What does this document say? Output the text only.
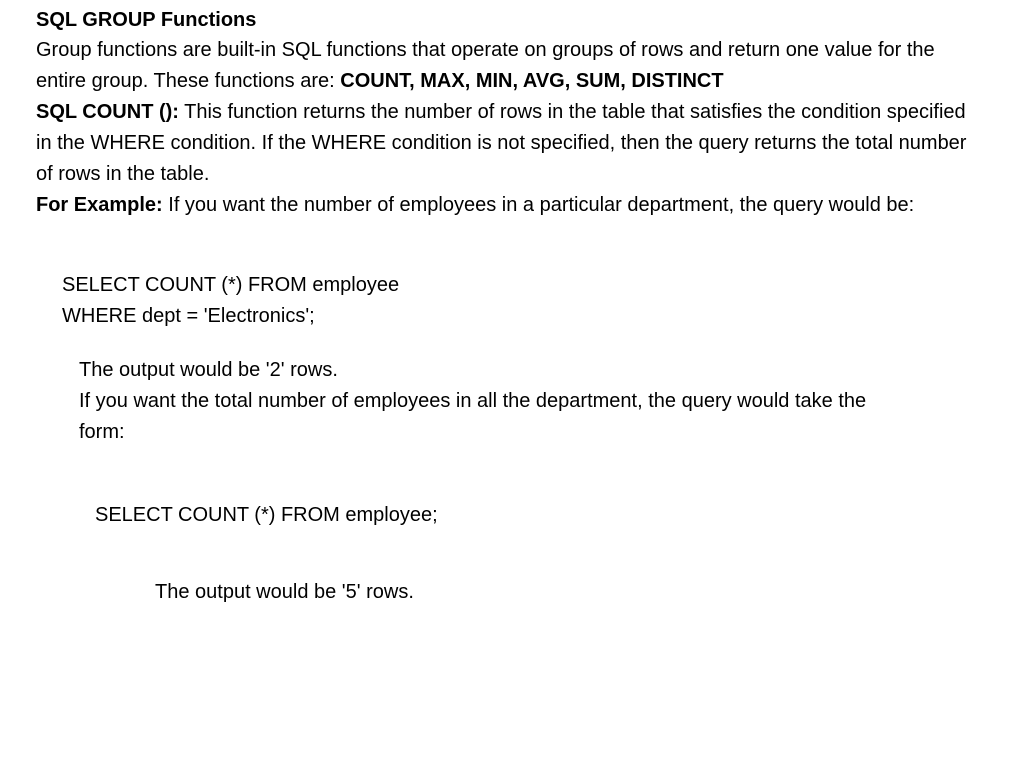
SQL GROUP Functions

Group functions are built-in SQL functions that operate on groups of rows and return one value for the entire group. These functions are: COUNT, MAX, MIN, AVG, SUM, DISTINCT

SQL COUNT (): This function returns the number of rows in the table that satisfies the condition specified in the WHERE condition. If the WHERE condition is not specified, then the query returns the total number of rows in the table.

For Example: If you want the number of employees in a particular department, the query would be:

SELECT COUNT (*) FROM employee

WHERE dept = 'Electronics';

The output would be '2' rows.

If you want the total number of employees in all the department, the query would take the form:

SELECT COUNT (*) FROM employee;

The output would be '5' rows.
